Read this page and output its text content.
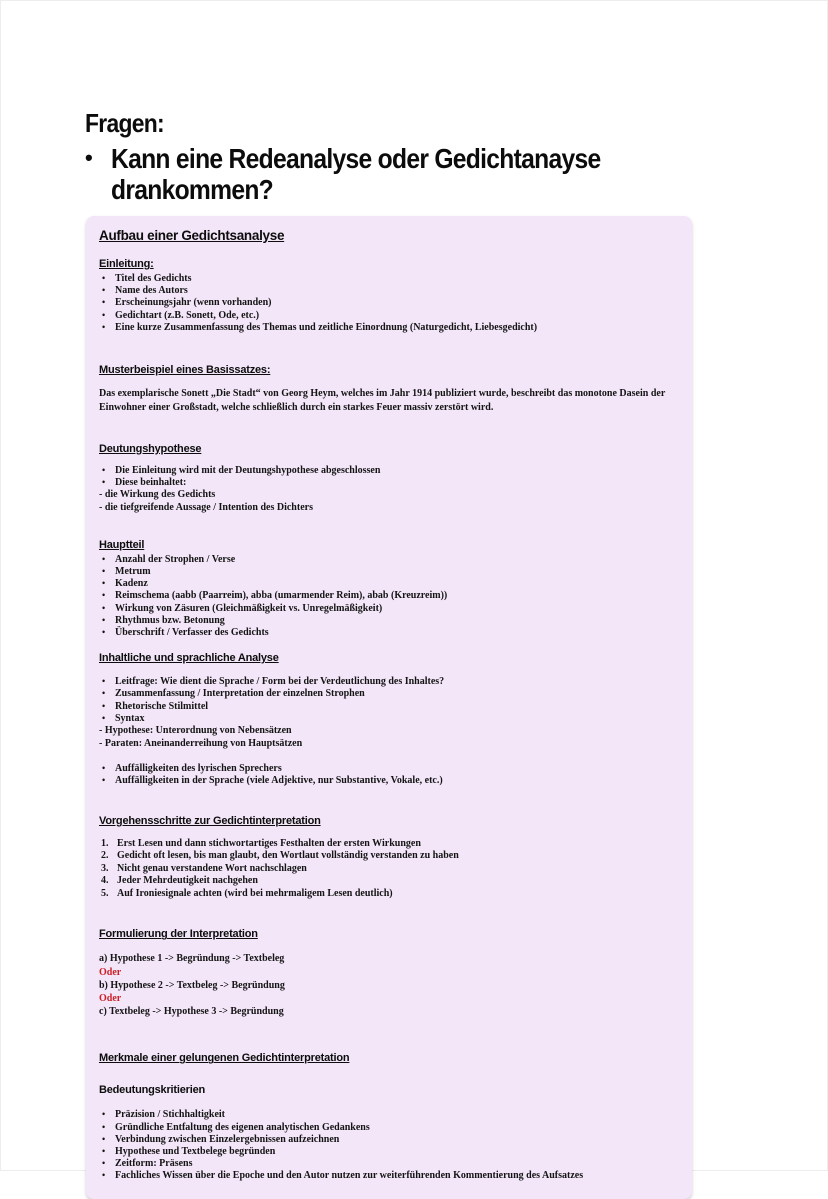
Fragen:
• Kann eine Redeanalyse oder Gedichtanayse drankommen?
Aufbau einer Gedichtsanalyse
Einleitung:
• Titel des Gedichts
• Name des Autors
• Erscheinungsjahr (wenn vorhanden)
• Gedichtart (z.B. Sonett, Ode, etc.)
• Eine kurze Zusammenfassung des Themas und zeitliche Einordnung (Naturgedicht, Liebesgedicht)
Musterbeispiel eines Basissatzes:
Das exemplarische Sonett „Die Stadt“ von Georg Heym, welches im Jahr 1914 publiziert wurde, beschreibt das monotone Dasein der Einwohner einer Großstadt, welche schließlich durch ein starkes Feuer massiv zerstört wird.
Deutungshypothese
• Die Einleitung wird mit der Deutungshypothese abgeschlossen
• Diese beinhaltet:
- die Wirkung des Gedichts
- die tiefgreifende Aussage / Intention des Dichters
Hauptteil
• Anzahl der Strophen / Verse
• Metrum
• Kadenz
• Reimschema (aabb (Paarreim), abba (umarmender Reim), abab (Kreuzreim))
• Wirkung von Zäsuren (Gleichmäßigkeit vs. Unregelmäßigkeit)
• Rhythmus bzw. Betonung
• Überschrift / Verfasser des Gedichts
Inhaltliche und sprachliche Analyse
• Leitfrage: Wie dient die Sprache / Form bei der Verdeutlichung des Inhaltes?
• Zusammenfassung / Interpretation der einzelnen Strophen
• Rhetorische Stilmittel
• Syntax
- Hypothese: Unterordnung von Nebensätzen
- Paraten: Aneinanderreihung von Hauptsätzen
• Auffälligkeiten des lyrischen Sprechers
• Auffälligkeiten in der Sprache (viele Adjektive, nur Substantive, Vokale, etc.)
Vorgehensschritte zur Gedichtinterpretation
1. Erst Lesen und dann stichwortartiges Festhalten der ersten Wirkungen
2. Gedicht oft lesen, bis man glaubt, den Wortlaut vollständig verstanden zu haben
3. Nicht genau verstandene Wort nachschlagen
4. Jeder Mehrdeutigkeit nachgehen
5. Auf Ironiesignale achten (wird bei mehrmaligem Lesen deutlich)
Formulierung der Interpretation
a) Hypothese 1 -> Begründung -> Textbeleg
Oder
b) Hypothese 2 -> Textbeleg -> Begründung
Oder
c) Textbeleg -> Hypothese 3 -> Begründung
Merkmale einer gelungenen Gedichtinterpretation
Bedeutungskritierien
• Präzision / Stichhaltigkeit
• Gründliche Entfaltung des eigenen analytischen Gedankens
• Verbindung zwischen Einzelergebnissen aufzeichnen
• Hypothese und Textbelege begründen
• Zeitform: Präsens
• Fachliches Wissen über die Epoche und den Autor nutzen zur weiterführenden Kommentierung des Aufsatzes
